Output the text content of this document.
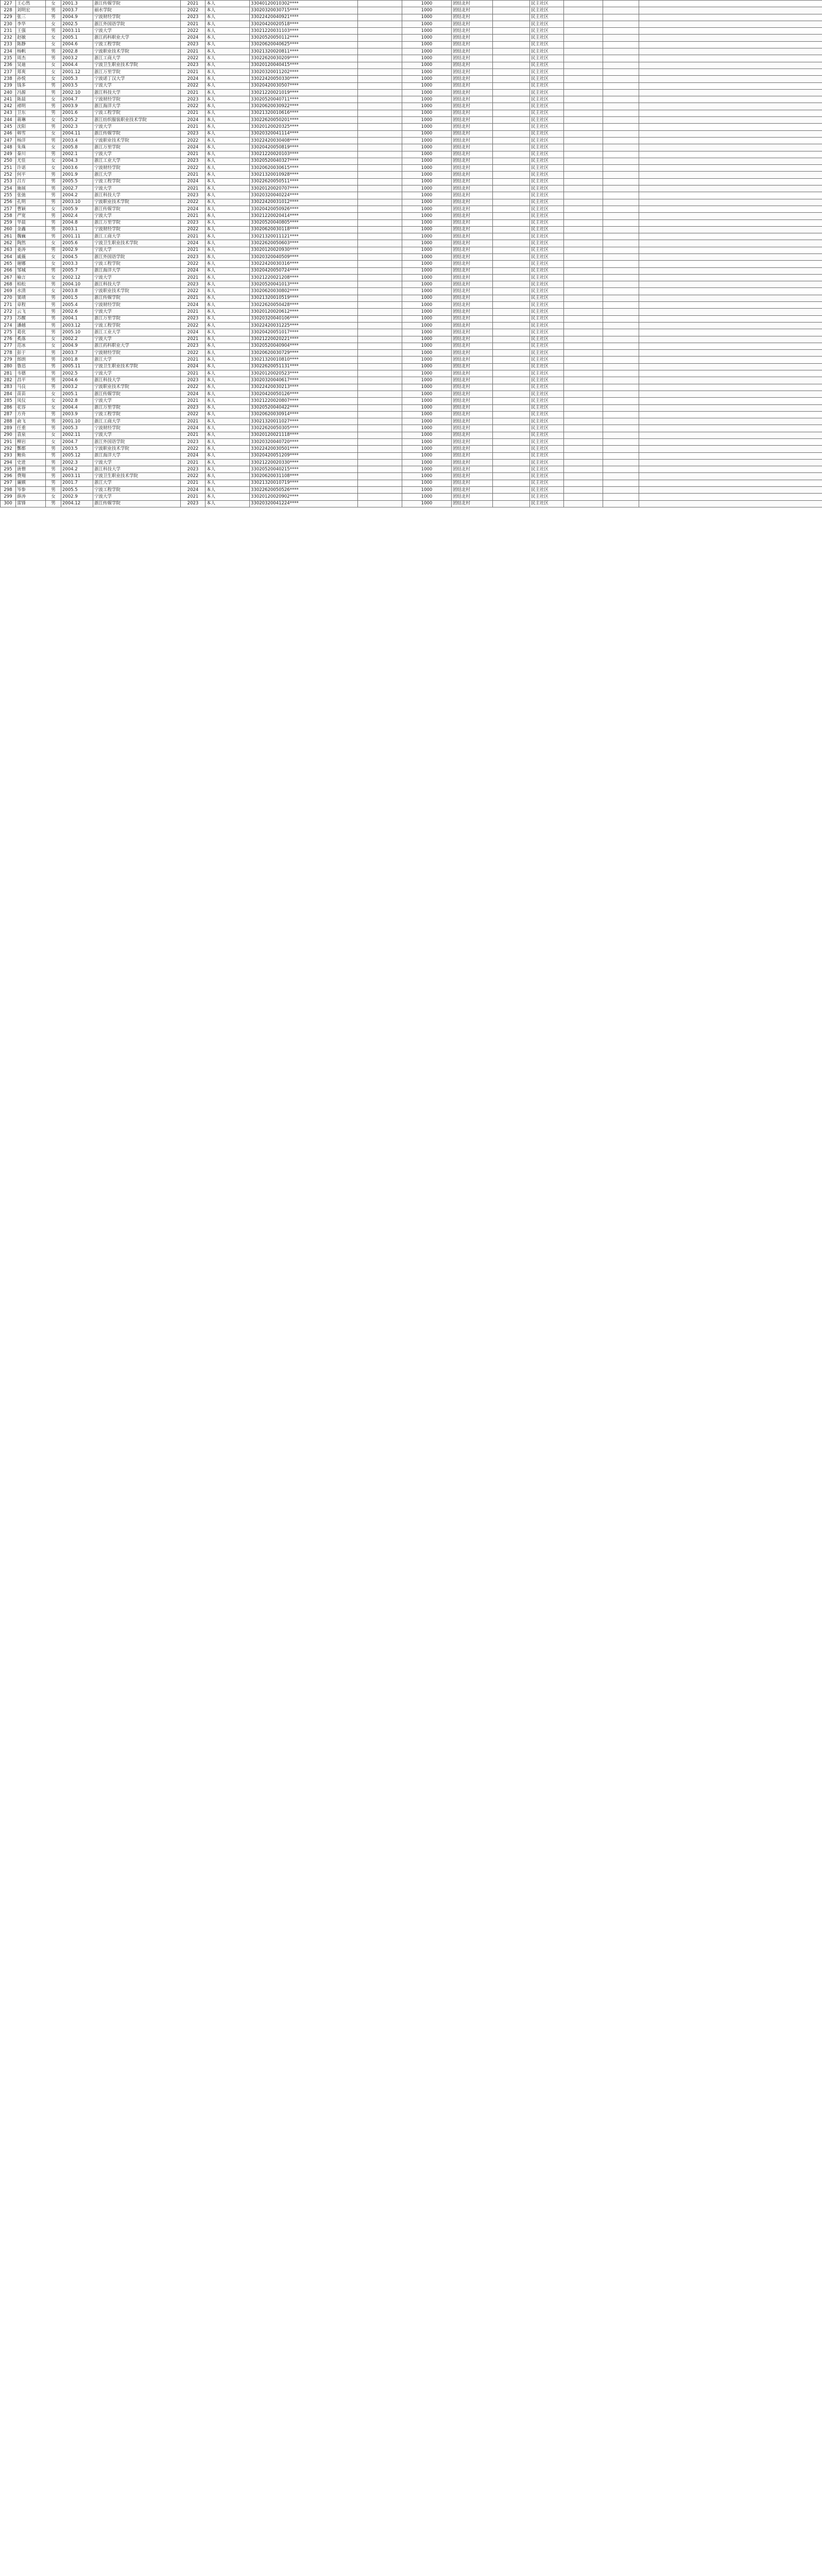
227	王心然	女	2001.3	浙江传媒学院	2021	本人	33040120010302****		1000	团结北村		民主社区			
228	刘明宏	男	2003.7	丽水学院	2022	本人	33020320030715****		1000	团结北村		民主社区			
229	张三	男	2004.9	宁波财经学院	2023	本人	33022420040921****		1000	团结北村		民主社区			
230	李华	女	2002.5	浙江外国语学院	2021	本人	33020420020518****		1000	团结北村		民主社区			
231	王强	男	2003.11	宁波大学	2022	本人	33021220031103****		1000	团结北村		民主社区			
232	赵敏	女	2005.1	浙江药科职业大学	2024	本人	33020520050112****		1000	团结北村		民主社区			
233	陈静	女	2004.6	宁波工程学院	2023	本人	33020620040625****		1000	团结北村		民主社区			
234	杨帆	男	2002.8	宁波职业技术学院	2021	本人	33021320020811****		1000	团结北村		民主社区			
235	周杰	男	2003.2	浙江工商大学	2022	本人	33022620030209****		1000	团结北村		民主社区			
236	吴迪	女	2004.4	宁波卫生职业技术学院	2023	本人	33020120040415****		1000	团结北村		民主社区			
237	郑爽	女	2001.12	浙江万里学院	2021	本人	33020320011202****		1000	团结北村		民主社区			
238	孙悦	女	2005.3	宁波诺丁汉大学	2024	本人	33022420050330****		1000	团结北村		民主社区			
239	钱多	男	2003.5	宁波大学	2022	本人	33020420030507****		1000	团结北村		民主社区			
240	冯源	男	2002.10	浙江科技大学	2021	本人	33021220021019****		1000	团结北村		民主社区			
241	陈晨	女	2004.7	宁波财经学院	2023	本人	33020520040711****		1000	团结北村		民主社区			
242	褚明	男	2003.9	浙江海洋大学	2022	本人	33020620030922****		1000	团结北村		民主社区			
243	卫东	男	2001.6	宁波工程学院	2021	本人	33021320010616****		1000	团结北村		民主社区			
244	蒋琳	女	2005.2	浙江纺织服装职业技术学院	2024	本人	33022620050201****		1000	团结北村		民主社区			
245	沈阳	男	2002.3	宁波大学	2021	本人	33020120020325****		1000	团结北村		民主社区			
246	韩雪	女	2004.11	浙江传媒学院	2023	本人	33020320041114****		1000	团结北村		民主社区			
247	杨洋	男	2003.4	宁波职业技术学院	2022	本人	33022420030408****		1000	团结北村		民主社区			
248	朱珠	女	2005.8	浙江万里学院	2024	本人	33020420050819****		1000	团结北村		民主社区			
249	秦川	男	2002.1	宁波大学	2021	本人	33021220020103****		1000	团结北村		民主社区			
250	尤佳	女	2004.3	浙江工业大学	2023	本人	33020520040327****		1000	团结北村		民主社区			
251	许诺	女	2003.6	宁波财经学院	2022	本人	33020620030615****		1000	团结北村		民主社区			
252	何平	男	2001.9	浙江大学	2021	本人	33021320010928****		1000	团结北村		民主社区			
253	吕方	男	2005.5	宁波工程学院	2024	本人	33022620050511****		1000	团结北村		民主社区			
254	施展	男	2002.7	宁波大学	2021	本人	33020120020707****		1000	团结北村		民主社区			
255	张弛	男	2004.2	浙江科技大学	2023	本人	33020320040224****		1000	团结北村		民主社区			
256	孔明	男	2003.10	宁波职业技术学院	2022	本人	33022420031012****		1000	团结北村		民主社区			
257	曹颖	女	2005.9	浙江传媒学院	2024	本人	33020420050926****		1000	团结北村		民主社区			
258	严宽	男	2002.4	宁波大学	2021	本人	33021220020414****		1000	团结北村		民主社区			
259	华晨	男	2004.8	浙江万里学院	2023	本人	33020520040805****		1000	团结北村		民主社区			
260	金鑫	男	2003.1	宁波财经学院	2022	本人	33020620030118****		1000	团结北村		民主社区			
261	魏巍	男	2001.11	浙江工商大学	2021	本人	33021320011121****		1000	团结北村		民主社区			
262	陶然	女	2005.6	宁波卫生职业技术学院	2024	本人	33022620050603****		1000	团结北村		民主社区			
263	姜涛	男	2002.9	宁波大学	2021	本人	33020120020930****		1000	团结北村		民主社区			
264	戚薇	女	2004.5	浙江外国语学院	2023	本人	33020320040509****		1000	团结北村		民主社区			
265	谢娜	女	2003.3	宁波工程学院	2022	本人	33022420030316****		1000	团结北村		民主社区			
266	邹城	男	2005.7	浙江海洋大学	2024	本人	33020420050724****		1000	团结北村		民主社区			
267	喻言	女	2002.12	宁波大学	2021	本人	33021220021208****		1000	团结北村		民主社区			
268	柏松	男	2004.10	浙江科技大学	2023	本人	33020520041013****		1000	团结北村		民主社区			
269	水清	女	2003.8	宁波职业技术学院	2022	本人	33020620030802****		1000	团结北村		民主社区			
270	窦靖	男	2001.5	浙江传媒学院	2021	本人	33021320010519****		1000	团结北村		民主社区			
271	章程	男	2005.4	宁波财经学院	2024	本人	33022620050428****		1000	团结北村		民主社区			
272	云飞	男	2002.6	宁波大学	2021	本人	33020120020612****		1000	团结北村		民主社区			
273	苏醒	男	2004.1	浙江万里学院	2023	本人	33020320040106****		1000	团结北村		民主社区			
274	潘越	男	2003.12	宁波工程学院	2022	本人	33022420031225****		1000	团结北村		民主社区			
275	葛优	男	2005.10	浙江工业大学	2024	本人	33020420051017****		1000	团结北村		民主社区			
276	奚落	女	2002.2	宁波大学	2021	本人	33021220020221****		1000	团结北村		民主社区			
277	范冰	女	2004.9	浙江药科职业大学	2023	本人	33020520040904****		1000	团结北村		民主社区			
278	彭于	男	2003.7	宁波财经学院	2022	本人	33020620030729****		1000	团结北村		民主社区			
279	郎朗	男	2001.8	浙江大学	2021	本人	33021320010810****		1000	团结北村		民主社区			
280	鲁迅	男	2005.11	宁波卫生职业技术学院	2024	本人	33022620051131****		1000	团结北村		民主社区			
281	韦德	男	2002.5	宁波大学	2021	本人	33020120020523****		1000	团结北村		民主社区			
282	昌平	男	2004.6	浙江科技大学	2023	本人	33020320040617****		1000	团结北村		民主社区			
283	马良	男	2003.2	宁波职业技术学院	2022	本人	33022420030213****		1000	团结北村		民主社区			
284	苗苗	女	2005.1	浙江传媒学院	2024	本人	33020420050126****		1000	团结北村		民主社区			
285	凤仪	女	2002.8	宁波大学	2021	本人	33021220020807****		1000	团结北村		民主社区			
286	花容	女	2004.4	浙江万里学院	2023	本人	33020520040422****		1000	团结北村		民主社区			
287	方舟	男	2003.9	宁波工程学院	2022	本人	33020620030914****		1000	团结北村		民主社区			
288	俞飞	男	2001.10	浙江工商大学	2021	本人	33021320011027****		1000	团结北村		民主社区			
289	任重	男	2005.3	宁波财经学院	2024	本人	33022620050305****		1000	团结北村		民主社区			
290	袁泉	女	2002.11	宁波大学	2021	本人	33020120021118****		1000	团结北村		民主社区			
291	柳岩	女	2004.7	浙江外国语学院	2023	本人	33020320040720****		1000	团结北村		民主社区			
292	酆都	男	2003.5	宁波职业技术学院	2022	本人	33022420030501****		1000	团结北村		民主社区			
293	鲍鱼	男	2005.12	浙江海洋大学	2024	本人	33020420051209****		1000	团结北村		民主社区			
294	史进	男	2002.3	宁波大学	2021	本人	33021220020330****		1000	团结北村		民主社区			
295	唐僧	男	2004.2	浙江科技大学	2023	本人	33020520040215****		1000	团结北村		民主社区			
296	费翔	男	2003.11	宁波卫生职业技术学院	2022	本人	33020620031108****		1000	团结北村		民主社区			
297	廉颇	男	2001.7	浙江大学	2021	本人	33021320010719****		1000	团结北村		民主社区			
298	岑参	男	2005.5	宁波工程学院	2024	本人	33022620050526****		1000	团结北村		民主社区			
299	薛涛	女	2002.9	宁波大学	2021	本人	33020120020902****		1000	团结北村		民主社区			
300	雷锋	男	2004.12	浙江传媒学院	2023	本人	33020320041224****		1000	团结北村		民主社区			
